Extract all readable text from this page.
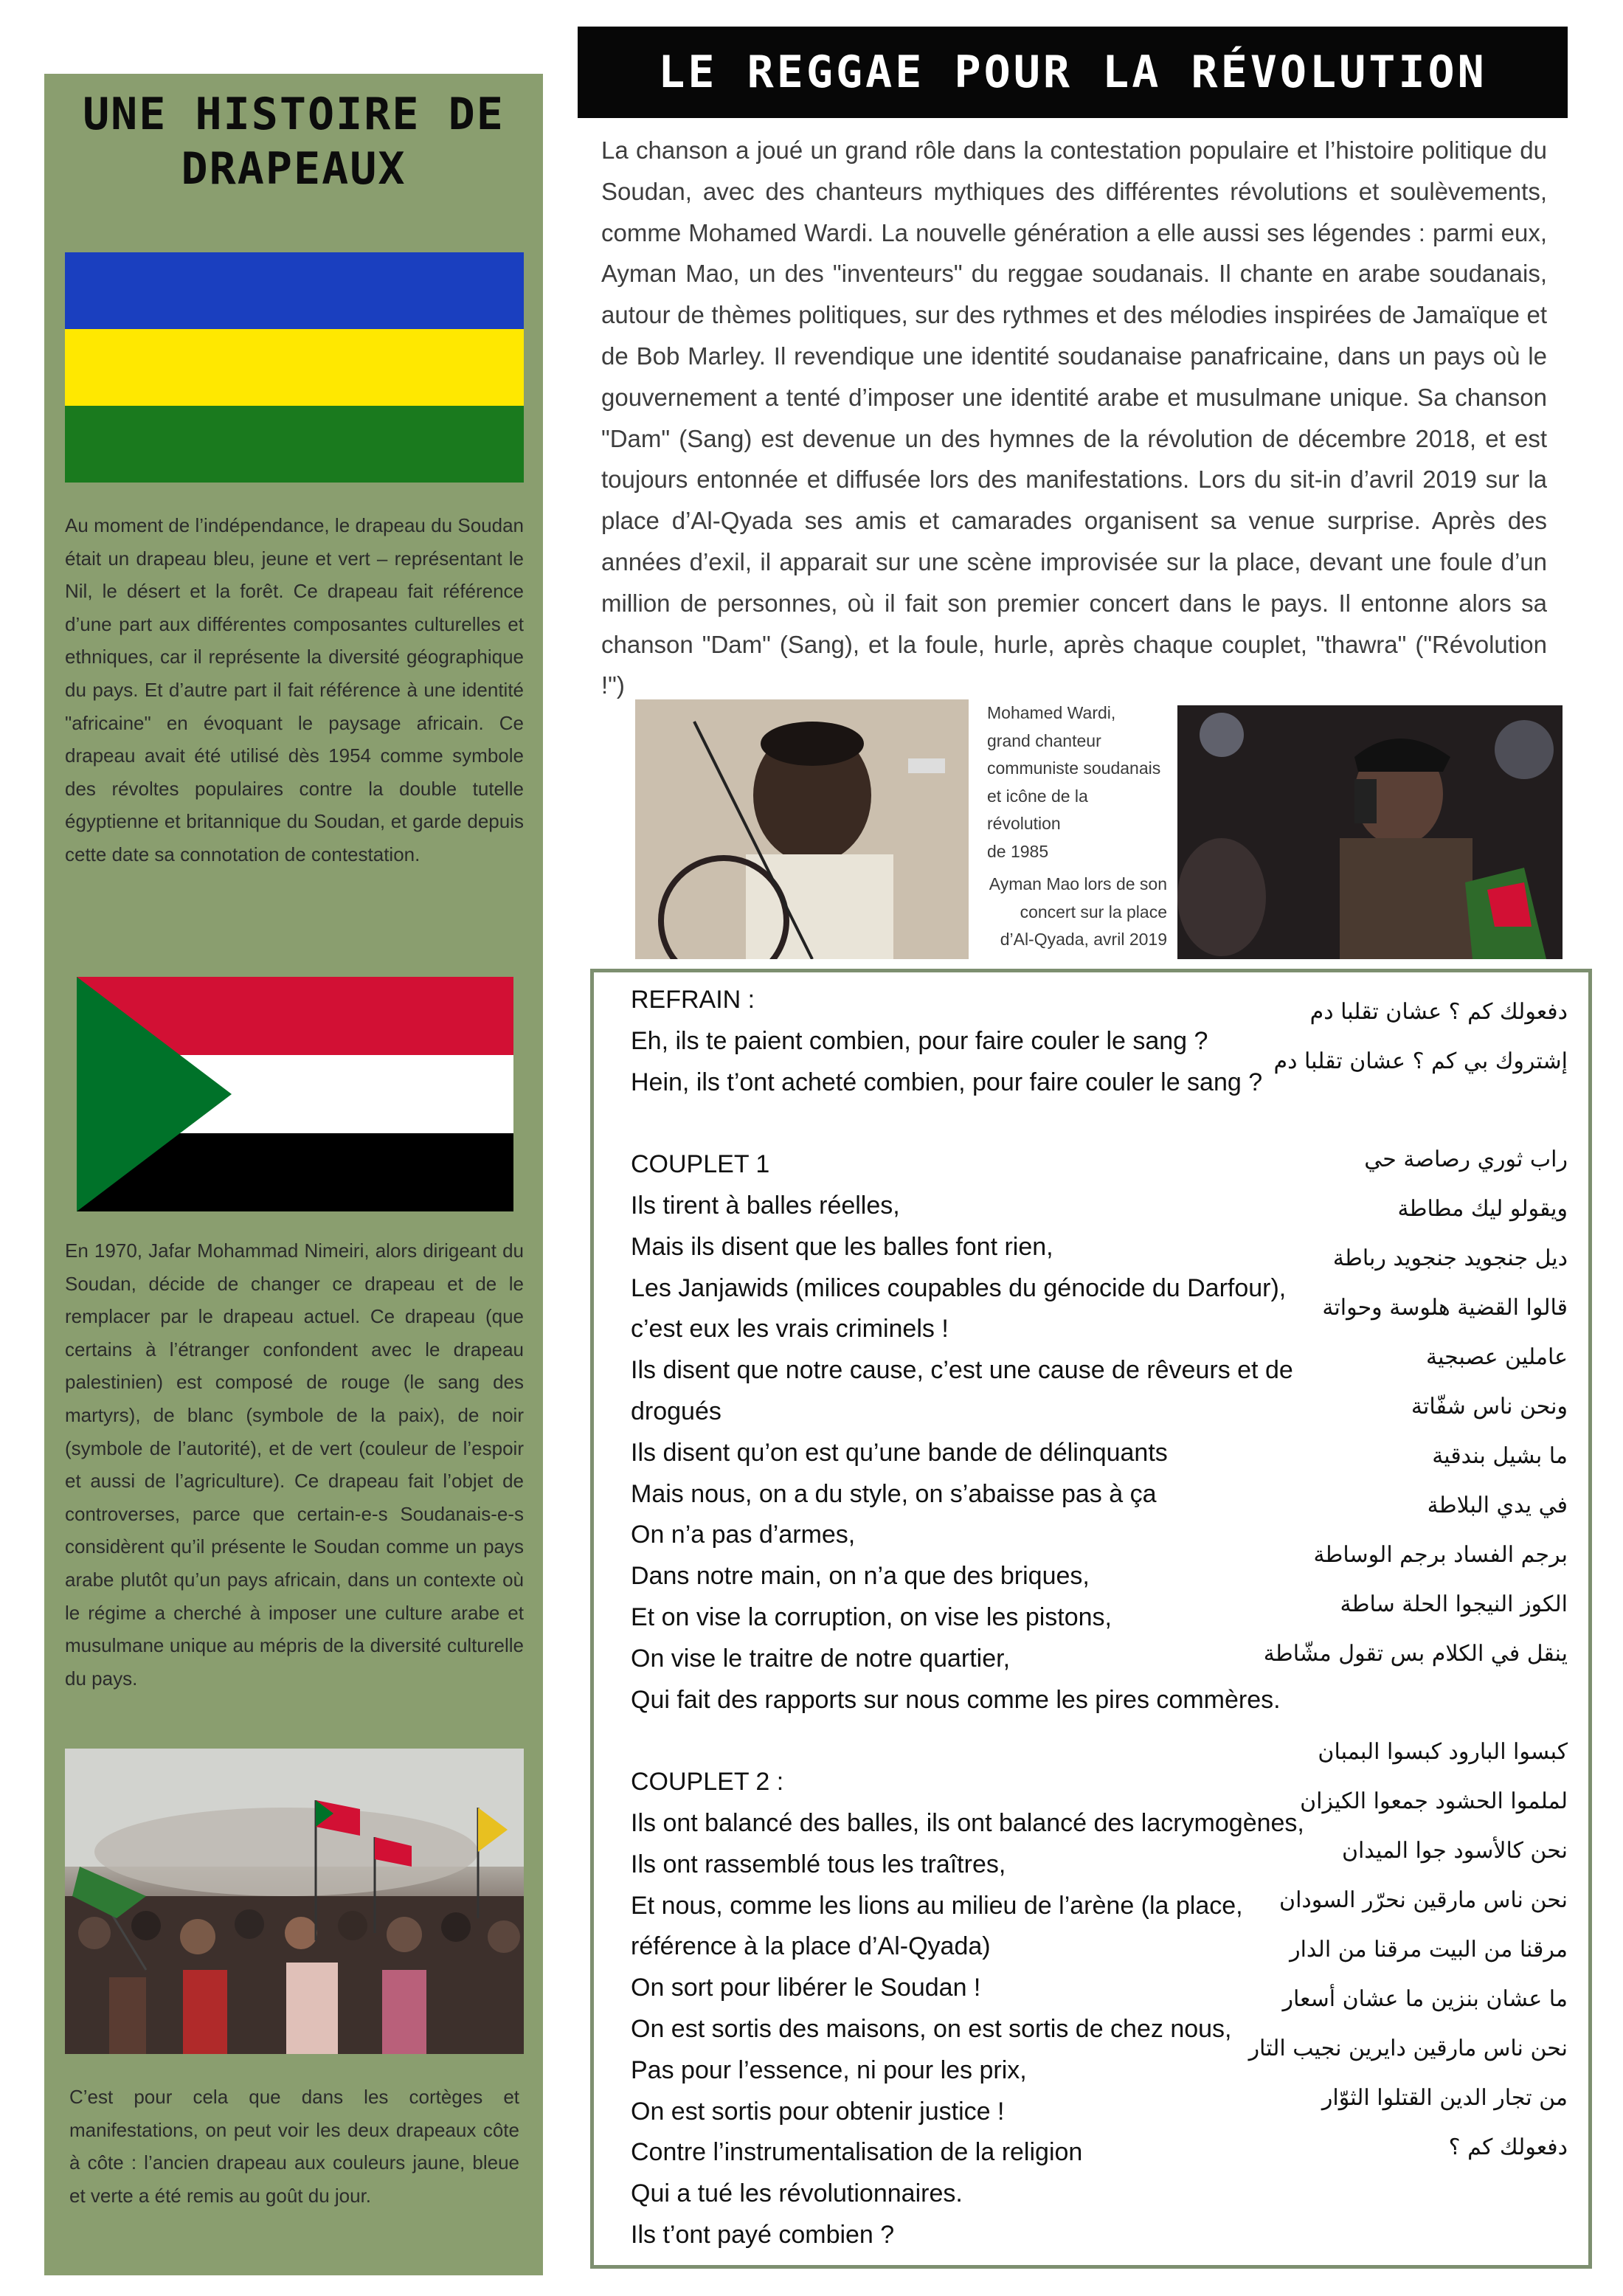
UNE HISTOIRE DE DRAPEAUX
Au moment de l’indépendance, le drapeau du Soudan était un drapeau bleu, jeune et vert – représentant le Nil, le désert et la forêt. Ce drapeau fait référence d’une part aux différentes composantes culturelles et ethniques, car il représente la diversité géographique du pays. Et d’autre part il fait référence à une identité "africaine" en évoquant le paysage africain. Ce drapeau avait été utilisé dès 1954 comme symbole des révoltes populaires contre la double tutelle égyptienne et britannique du Soudan, et garde depuis cette date sa connotation de contestation.
En 1970, Jafar Mohammad Nimeiri, alors dirigeant du Soudan, décide de changer ce drapeau et de le remplacer par le drapeau actuel. Ce drapeau (que certains à l’étranger confondent avec le drapeau palestinien) est composé de rouge (le sang des martyrs), de blanc (symbole de la paix), de noir (symbole de l’autorité), et de vert (couleur de l’espoir et aussi de l’agriculture). Ce drapeau fait l’objet de controverses, parce que certain-e-s Soudanais-e-s considèrent qu’il présente le Soudan comme un pays arabe plutôt qu’un pays africain, dans un contexte où le régime a cherché à imposer une culture arabe et musulmane unique au mépris de la diversité culturelle du pays.
C’est pour cela que dans les cortèges et manifestations, on peut voir les deux drapeaux côte à côte : l’ancien drapeau aux couleurs jaune, bleue et verte a été remis au goût du jour.
LE REGGAE POUR LA RÉVOLUTION
La chanson a joué un grand rôle dans la contestation populaire et l’histoire politique du Soudan, avec des chanteurs mythiques des différentes révolutions et soulèvements, comme Mohamed Wardi. La nouvelle génération a elle aussi ses légendes : parmi eux, Ayman Mao, un des "inventeurs" du reggae soudanais. Il chante en arabe soudanais, autour de thèmes politiques, sur des rythmes et des mélodies inspirées de Jamaïque et de Bob Marley. Il revendique une identité soudanaise panafricaine, dans un pays où le gouvernement a tenté d’imposer une identité arabe et musulmane unique. Sa chanson "Dam" (Sang) est devenue un des hymnes de la révolution de décembre 2018, et est toujours entonnée et diffusée lors des manifestations. Lors du sit-in d’avril 2019 sur la place d’Al-Qyada ses amis et camarades organisent sa venue surprise. Après des années d’exil, il apparait sur une scène improvisée sur la place, devant une foule d’un million de personnes, où il fait son premier concert dans le pays. Il entonne alors sa chanson "Dam" (Sang), et la foule, hurle, après chaque couplet, "thawra" ("Révolution !")
Mohamed Wardi,
grand chanteur
communiste soudanais
et icône de la révolution
de 1985
Ayman Mao lors de son
concert sur la place
d’Al-Qyada, avril 2019
REFRAIN :
Eh, ils te paient combien, pour faire couler le sang ?
Hein, ils t’ont acheté combien, pour faire couler le sang ?
COUPLET 1
Ils tirent à balles réelles,
Mais ils disent que les balles font rien,
Les Janjawids (milices coupables du génocide du Darfour),
c’est eux les vrais criminels !
Ils disent que notre cause, c’est une cause de rêveurs et de
drogués
Ils disent qu’on est qu’une bande de délinquants
Mais nous, on a du style, on s’abaisse pas à ça
On n’a pas d’armes,
Dans notre main, on n’a que des briques,
Et on vise la corruption, on vise les pistons,
On vise le traitre de notre quartier,
Qui fait des rapports sur nous comme les pires commères.
COUPLET 2 :
Ils ont balancé des balles, ils ont balancé des lacrymogènes,
Ils ont rassemblé tous les traîtres,
Et nous, comme les lions au milieu de l’arène (la place,
référence à la place d’Al-Qyada)
On sort pour libérer le Soudan !
On est sortis des maisons, on est sortis de chez nous,
Pas pour l’essence, ni pour les prix,
On est sortis pour obtenir justice !
Contre l’instrumentalisation de la religion
Qui a tué les révolutionnaires.
Ils t’ont payé combien ?
دفعولك كم ؟ عشان تقلبا دم
إشتروك بي كم ؟ عشان تقلبا دم
راب ثوري رصاصة حي
ويقولو ليك مطاطة
ديل جنجويد جنجويد رباطة
قالوا القضية هلوسة وحواتة
عاملين عصبجية
ونحن ناس شفّاتة
ما بشيل بندقية
في يدي البلاطة
برجم الفساد برجم الوساطة
الكوز النيجوا الحلة ساطة
ينقل في الكلام بس تقول مشّاطة
كبسوا البارود كبسوا البمبان
لملموا الحشود جمعوا الكيزان
نحن كالأسود جوا الميدان
نحن ناس مارقين نحرّر السودان
مرقنا من البيت مرقنا من الدار
ما عشان بنزين ما عشان أسعار
نحن ناس مارقين دايرين نجيب التار
من تجار الدين القتلوا الثوّار
دفعولك كم ؟
